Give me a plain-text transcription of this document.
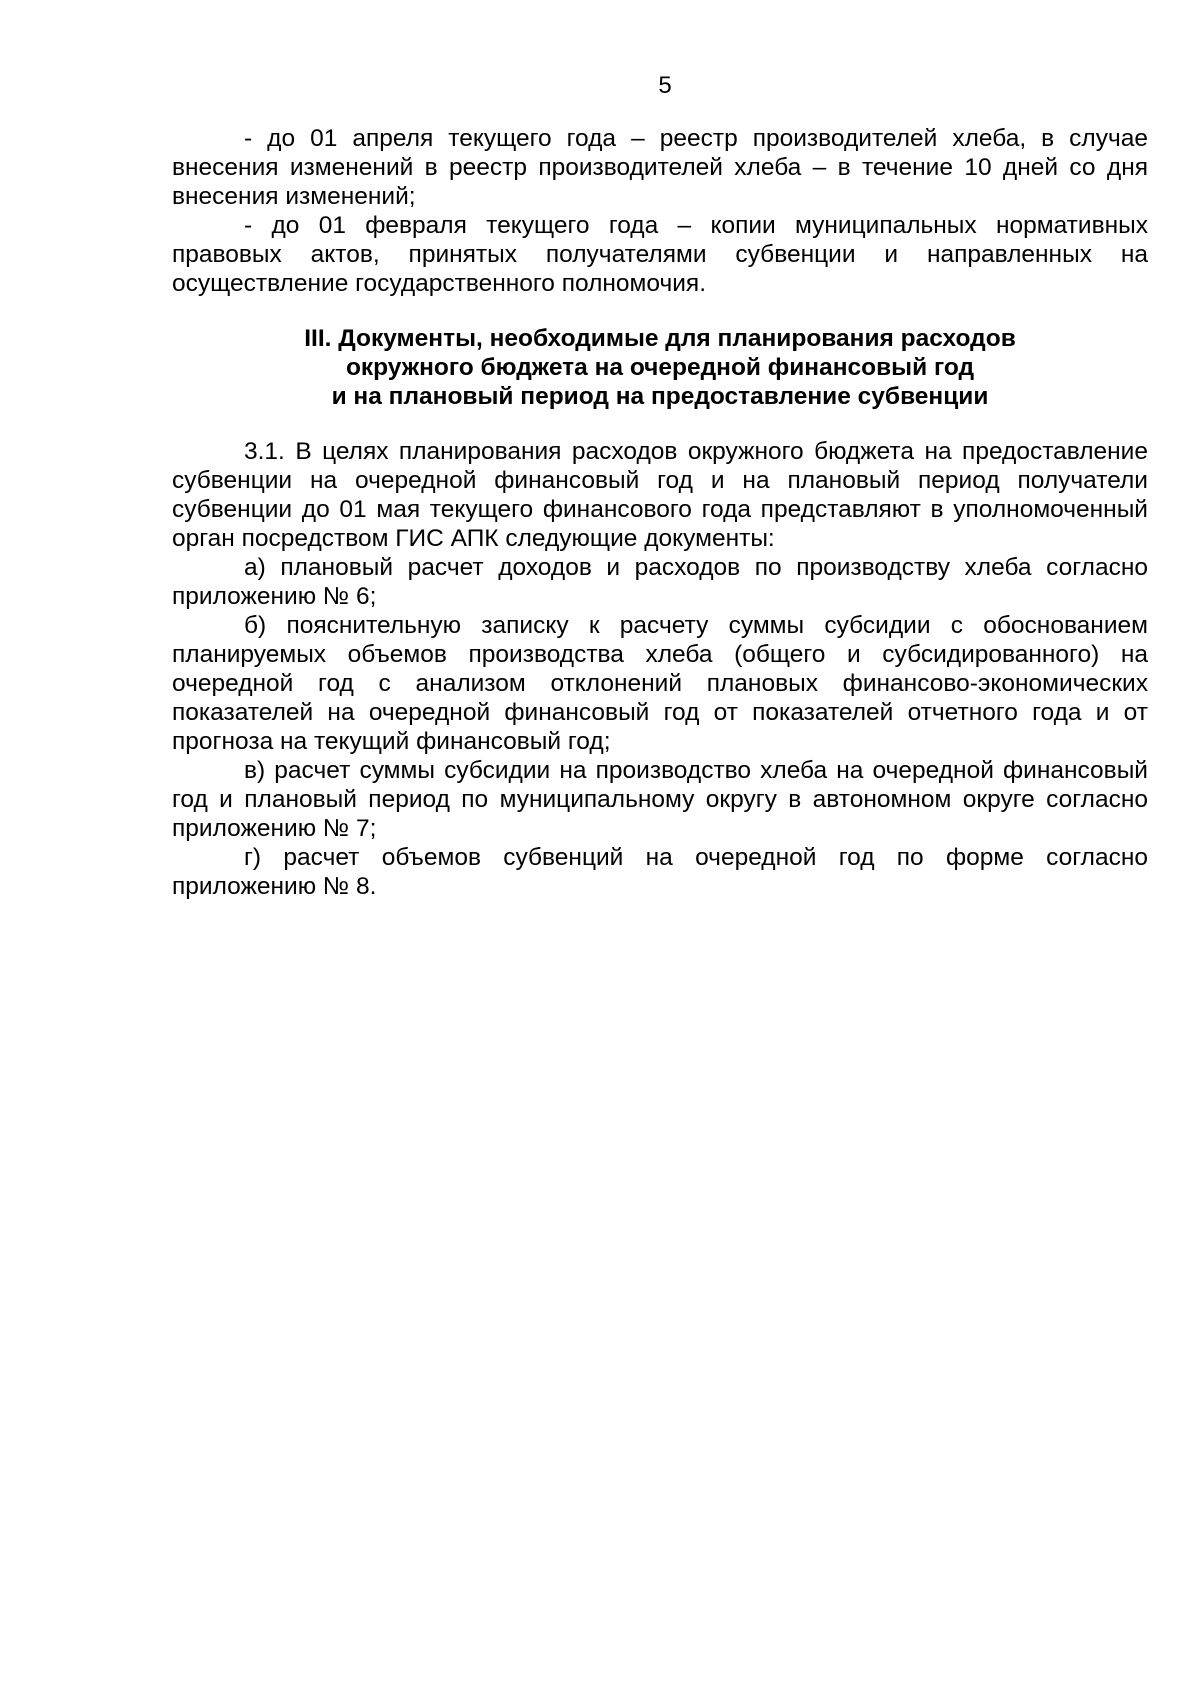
5

- до 01 апреля текущего года – реестр производителей хлеба, в случае внесения изменений в реестр производителей хлеба – в течение 10 дней со дня внесения изменений;

- до 01 февраля текущего года – копии муниципальных нормативных правовых актов, принятых получателями субвенции и направленных на осуществление государственного полномочия.

III. Документы, необходимые для планирования расходов
окружного бюджета на очередной финансовый год
и на плановый период на предоставление субвенции

3.1. В целях планирования расходов окружного бюджета на предоставление субвенции на очередной финансовый год и на плановый период получатели субвенции до 01 мая текущего финансового года представляют в уполномоченный орган посредством ГИС АПК следующие документы:

а) плановый расчет доходов и расходов по производству хлеба согласно приложению № 6;

б) пояснительную записку к расчету суммы субсидии с обоснованием планируемых объемов производства хлеба (общего и субсидированного) на очередной год с анализом отклонений плановых финансово-экономических показателей на очередной финансовый год от показателей отчетного года и от прогноза на текущий финансовый год;

в) расчет суммы субсидии на производство хлеба на очередной финансовый год и плановый период по муниципальному округу в автономном округе согласно приложению № 7;

г) расчет объемов субвенций на очередной год по форме согласно приложению № 8.
